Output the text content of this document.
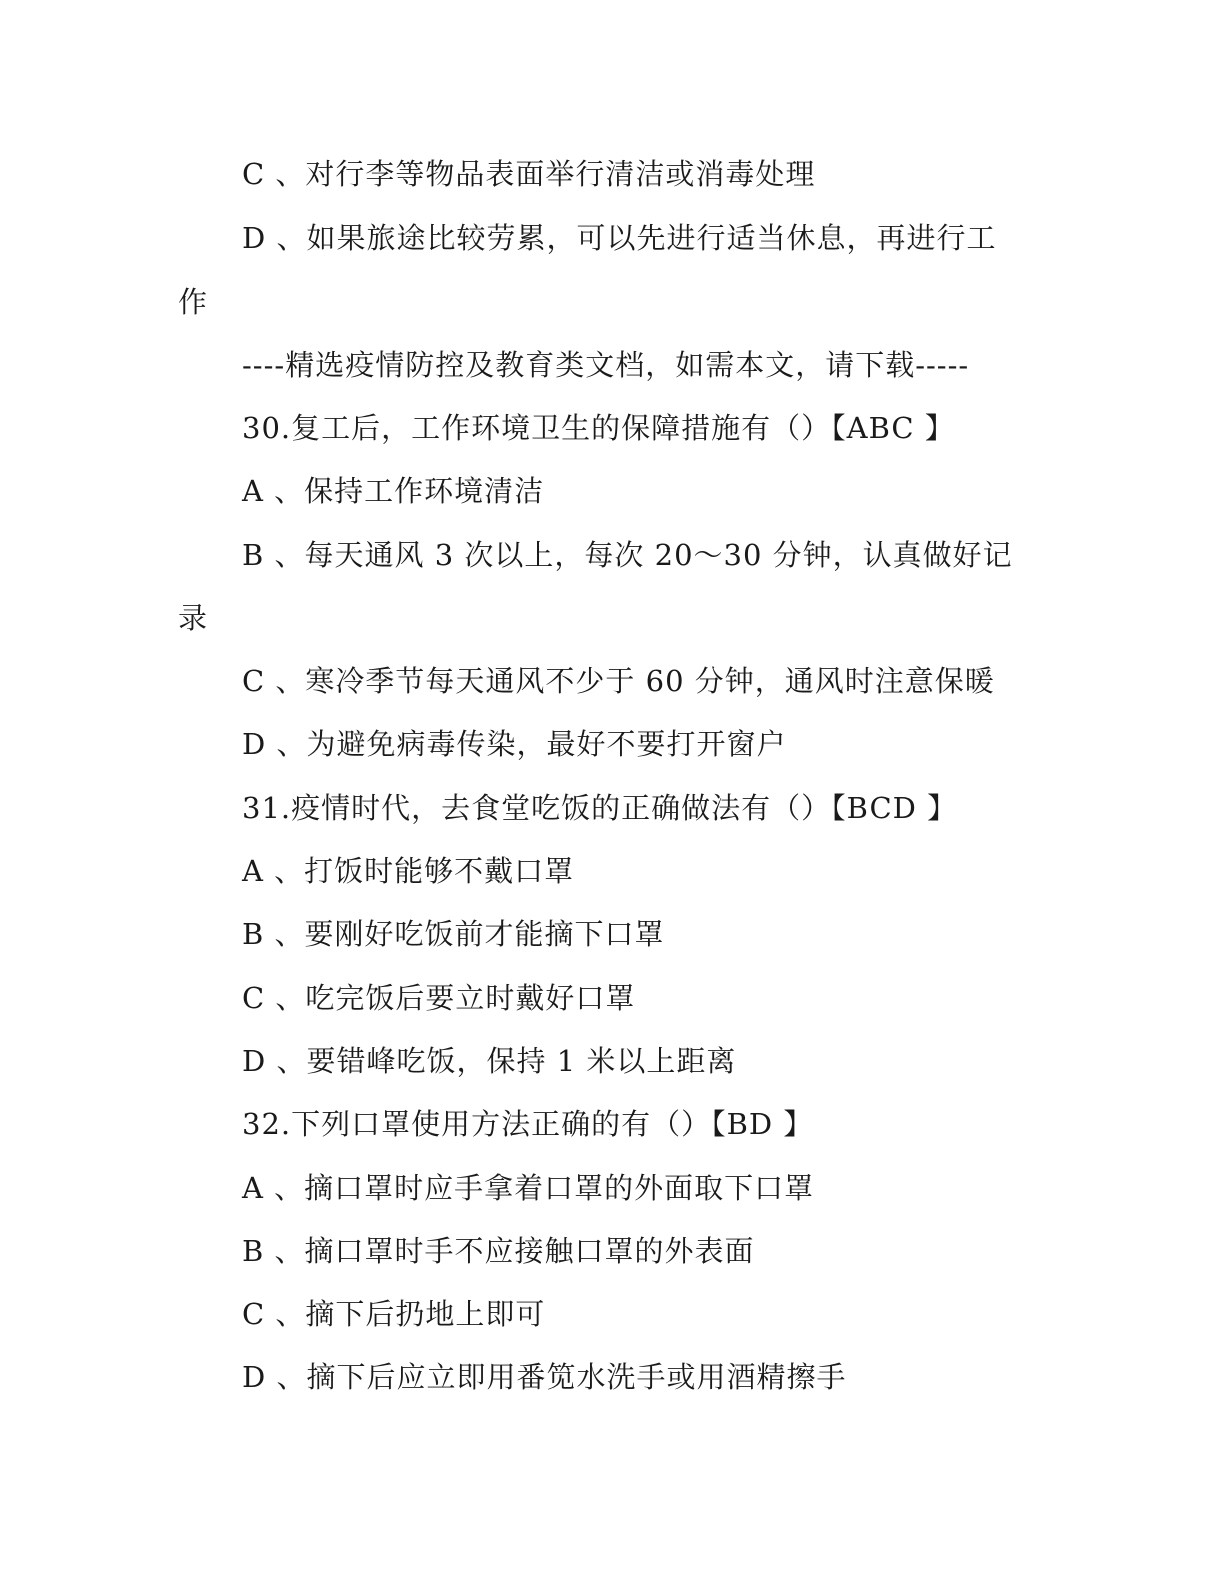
C 、对行李等物品表面举行清洁或消毒处理
D 、如果旅途比较劳累，可以先进行适当休息，再进行工
作
----精选疫情防控及教育类文档，如需本文，请下载-----
30.复工后，工作环境卫生的保障措施有（）【ABC 】
A 、保持工作环境清洁
B 、每天通风 3 次以上，每次 20～30 分钟，认真做好记
录
C 、寒冷季节每天通风不少于 60 分钟，通风时注意保暖
D 、为避免病毒传染，最好不要打开窗户
31.疫情时代，去食堂吃饭的正确做法有（）【BCD 】
A 、打饭时能够不戴口罩
B 、要刚好吃饭前才能摘下口罩
C 、吃完饭后要立时戴好口罩
D 、要错峰吃饭，保持 1 米以上距离
32.下列口罩使用方法正确的有（）【BD 】
A 、摘口罩时应手拿着口罩的外面取下口罩
B 、摘口罩时手不应接触口罩的外表面
C 、摘下后扔地上即可
D 、摘下后应立即用番笕水洗手或用酒精擦手
